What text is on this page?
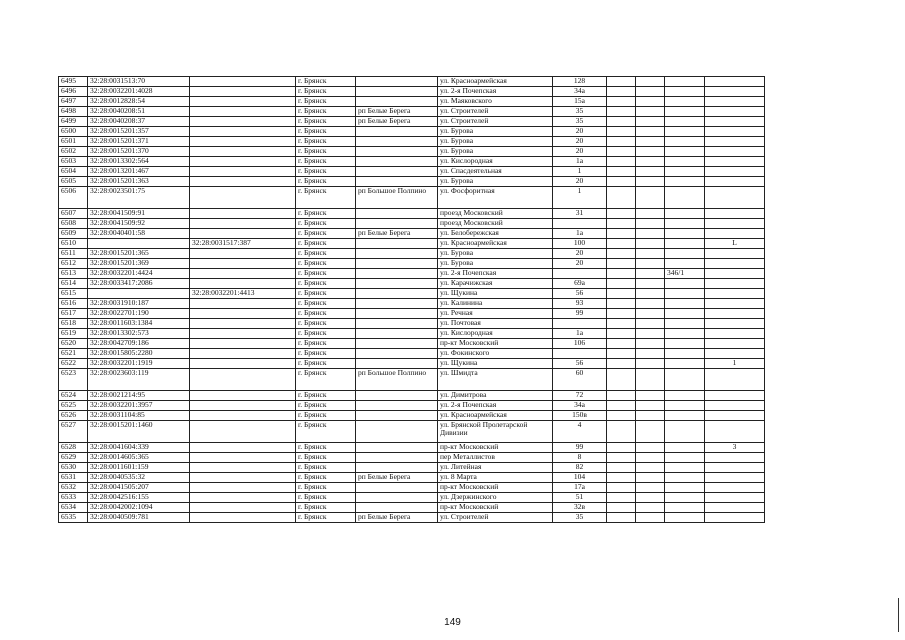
6495	32:28:0031513:70		г. Брянск		ул. Красноармейская	128				
6496	32:28:0032201:4028		г. Брянск		ул. 2-я Почепская	34а				
6497	32:28:0012828:54		г. Брянск		ул. Маяковского	15а				
6498	32:28:0040208:51		г. Брянск	рп Белые Берега	ул. Строителей	35				
6499	32:28:0040208:37		г. Брянск	рп Белые Берега	ул. Строителей	35				
6500	32:28:0015201:357		г. Брянск		ул. Бурова	20				
6501	32:28:0015201:371		г. Брянск		ул. Бурова	20				
6502	32:28:0015201:370		г. Брянск		ул. Бурова	20				
6503	32:28:0013302:564		г. Брянск		ул. Кислородная	1а				
6504	32:28:0013201:467		г. Брянск		ул. Спасдеятельная	1				
6505	32:28:0015201:363		г. Брянск		ул. Бурова	20				
6506	32:28:0023501:75		г. Брянск	рп Большое Полпино	ул. Фосфоритная	1				
6507	32:28:0041509:91		г. Брянск		проезд Московский	31				
6508	32:28:0041509:92		г. Брянск		проезд Московский					
6509	32:28:0040401:58		г. Брянск	рп Белые Берега	ул. Белобережская	1а				
6510		32:28:0031517:387	г. Брянск		ул. Красноармейская	100				L
6511	32:28:0015201:365		г. Брянск		ул. Бурова	20				
6512	32:28:0015201:369		г. Брянск		ул. Бурова	20				
6513	32:28:0032201:4424		г. Брянск		ул. 2-я Почепская				346/1	
6514	32:28:0033417:2086		г. Брянск		ул. Карачижская	69а				
6515		32:28:0032201:4413	г. Брянск		ул. Щукина	56				
6516	32:28:0031910:187		г. Брянск		ул. Калинина	93				
6517	32:28:0022701:190		г. Брянск		ул. Речная	99				
6518	32:28:0011603:1384		г. Брянск		ул. Почтовая					
6519	32:28:0013302:573		г. Брянск		ул. Кислородная	1а				
6520	32:28:0042709:186		г. Брянск		пр-кт Московский	106				
6521	32:28:0015805:2280		г. Брянск		ул. Фокинского					
6522	32:28:0032201:1919		г. Брянск		ул. Щукина	56				1
6523	32:28:0023603:119		г. Брянск	рп Большое Полпино	ул. Шмидта	60				
6524	32:28:0021214:95		г. Брянск		ул. Димитрова	72				
6525	32:28:0032201:3957		г. Брянск		ул. 2-я Почепская	34а				
6526	32:28:0031104:85		г. Брянск		ул. Красноармейская	150в				
6527	32:28:0015201:1460		г. Брянск		ул. Брянской Пролетарской Дивизии	4				
6528	32:28:0041604:339		г. Брянск		пр-кт Московский	99				3
6529	32:28:0014605:365		г. Брянск		пер Металлистов	8				
6530	32:28:0011601:159		г. Брянск		ул. Литейная	82				
6531	32:28:0040535:32		г. Брянск	рп Белые Берега	ул. 8 Марта	104				
6532	32:28:0041505:207		г. Брянск		пр-кт Московский	17а				
6533	32:28:0042516:155		г. Брянск		ул. Дзержинского	51				
6534	32:28:0042002:1094		г. Брянск		пр-кт Московский	32в				
6535	32:28:0040509:781		г. Брянск	рп Белые Берега	ул. Строителей	35				
149
